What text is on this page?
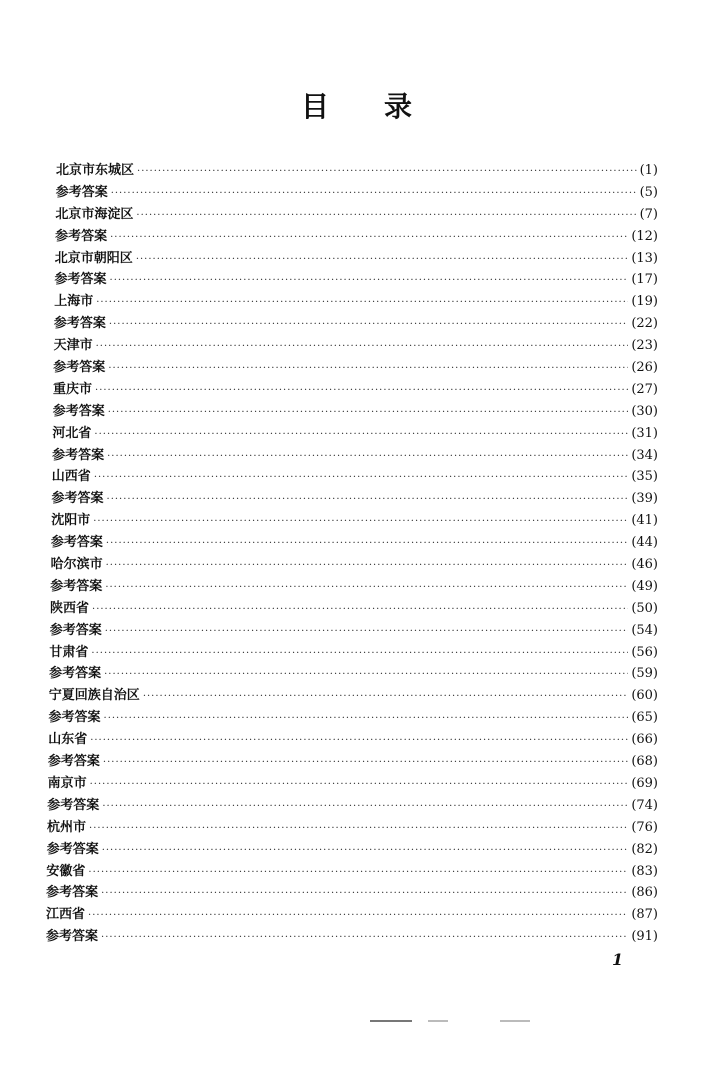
目 录
北京市东城区 ·····	(1)
参考答案 ·····	(5)
北京市海淀区 ·····	(7)
参考答案 ·····	(12)
北京市朝阳区 ·····	(13)
参考答案 ·····	(17)
上海市 ·····	(19)
参考答案 ·····	(22)
天津市 ·····	(23)
参考答案 ·····	(26)
重庆市 ·····	(27)
参考答案 ·····	(30)
河北省 ·····	(31)
参考答案 ·····	(34)
山西省 ·····	(35)
参考答案 ·····	(39)
沈阳市 ·····	(41)
参考答案 ·····	(44)
哈尔滨市 ·····	(46)
参考答案 ·····	(49)
陕西省 ·····	(50)
参考答案 ·····	(54)
甘肃省 ·····	(56)
参考答案 ·····	(59)
宁夏回族自治区 ·····	(60)
参考答案 ·····	(65)
山东省 ·····	(66)
参考答案 ·····	(68)
南京市 ·····	(69)
参考答案 ·····	(74)
杭州市 ·····	(76)
参考答案 ·····	(82)
安徽省 ·····	(83)
参考答案 ·····	(86)
江西省 ·····	(87)
参考答案 ·····	(91)
1
